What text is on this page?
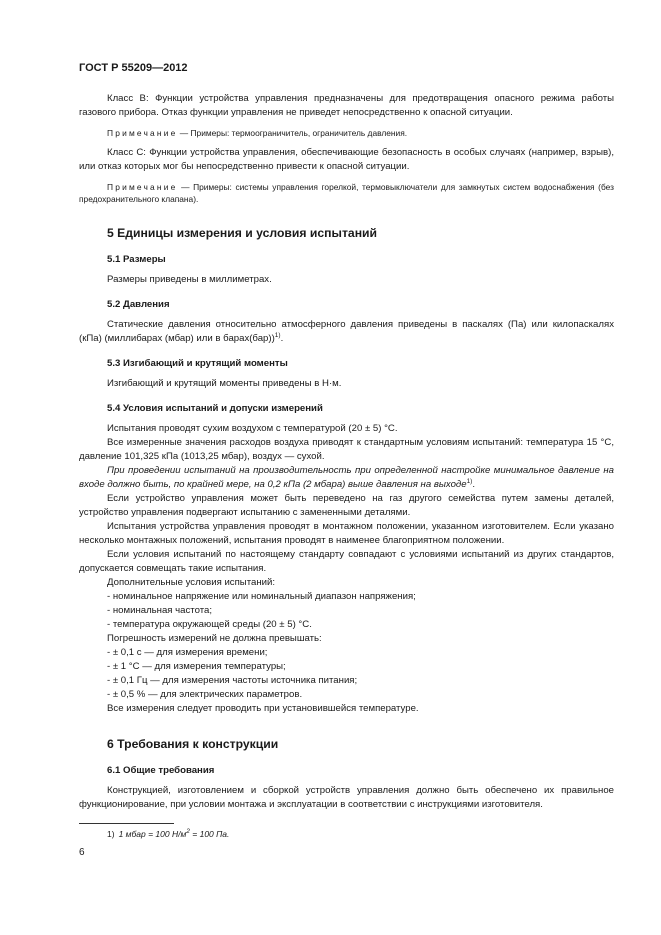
ГОСТ Р 55209—2012

Класс В: Функции устройства управления предназначены для предотвращения опасного режима работы газового прибора. Отказ функции управления не приведет непосредственно к опасной ситуации.

Примечание — Примеры: термоограничитель, ограничитель давления.

Класс С: Функции устройства управления, обеспечивающие безопасность в особых случаях (например, взрыв), или отказ которых мог бы непосредственно привести к опасной ситуации.

Примечание — Примеры: системы управления горелкой, термовыключатели для замкнутых систем водоснабжения (без предохранительного клапана).

5 Единицы измерения и условия испытаний
5.1 Размеры

Размеры приведены в миллиметрах.

5.2 Давления

Статические давления относительно атмосферного давления приведены в паскалях (Па) или килопаскалях (кПа) (миллибарах (мбар) или в барах(бар))$^{1)}$.

5.3 Изгибающий и крутящий моменты

Изгибающий и крутящий моменты приведены в Н·м.

5.4 Условия испытаний и допуски измерений

Испытания проводят сухим воздухом с температурой (20 ± 5) °С.

Все измеренные значения расходов воздуха приводят к стандартным условиям испытаний: температура 15 °С, давление 101,325 кПа (1013,25 мбар), воздух — сухой.

При проведении испытаний на производительность при определенной настройке минимальное давление на входе должно быть, по крайней мере, на 0,2 кПа (2 мбара) выше давления на выходе$^{1)}$.

Если устройство управления может быть переведено на газ другого семейства путем замены деталей, устройство управления подвергают испытанию с замененными деталями.

Испытания устройства управления проводят в монтажном положении, указанном изготовителем. Если указано несколько монтажных положений, испытания проводят в наименее благоприятном положении.

Если условия испытаний по настоящему стандарту совпадают с условиями испытаний из других стандартов, допускается совмещать такие испытания.

Дополнительные условия испытаний:

- номинальное напряжение или номинальный диапазон напряжения;

- номинальная частота;

- температура окружающей среды (20 ± 5) °С.

Погрешность измерений не должна превышать:

- ± 0,1 с — для измерения времени;

- ± 1 °С — для измерения температуры;

- ± 0,1 Гц — для измерения частоты источника питания;

- ± 0,5 % — для электрических параметров.

Все измерения следует проводить при установившейся температуре.

6 Требования к конструкции
6.1 Общие требования

Конструкцией, изготовлением и сборкой устройств управления должно быть обеспечено их правильное функционирование, при условии монтажа и эксплуатации в соответствии с инструкциями изготовителя.

1) 1 мбар = 100 $Н/м^2 = 100$ Па.
6
